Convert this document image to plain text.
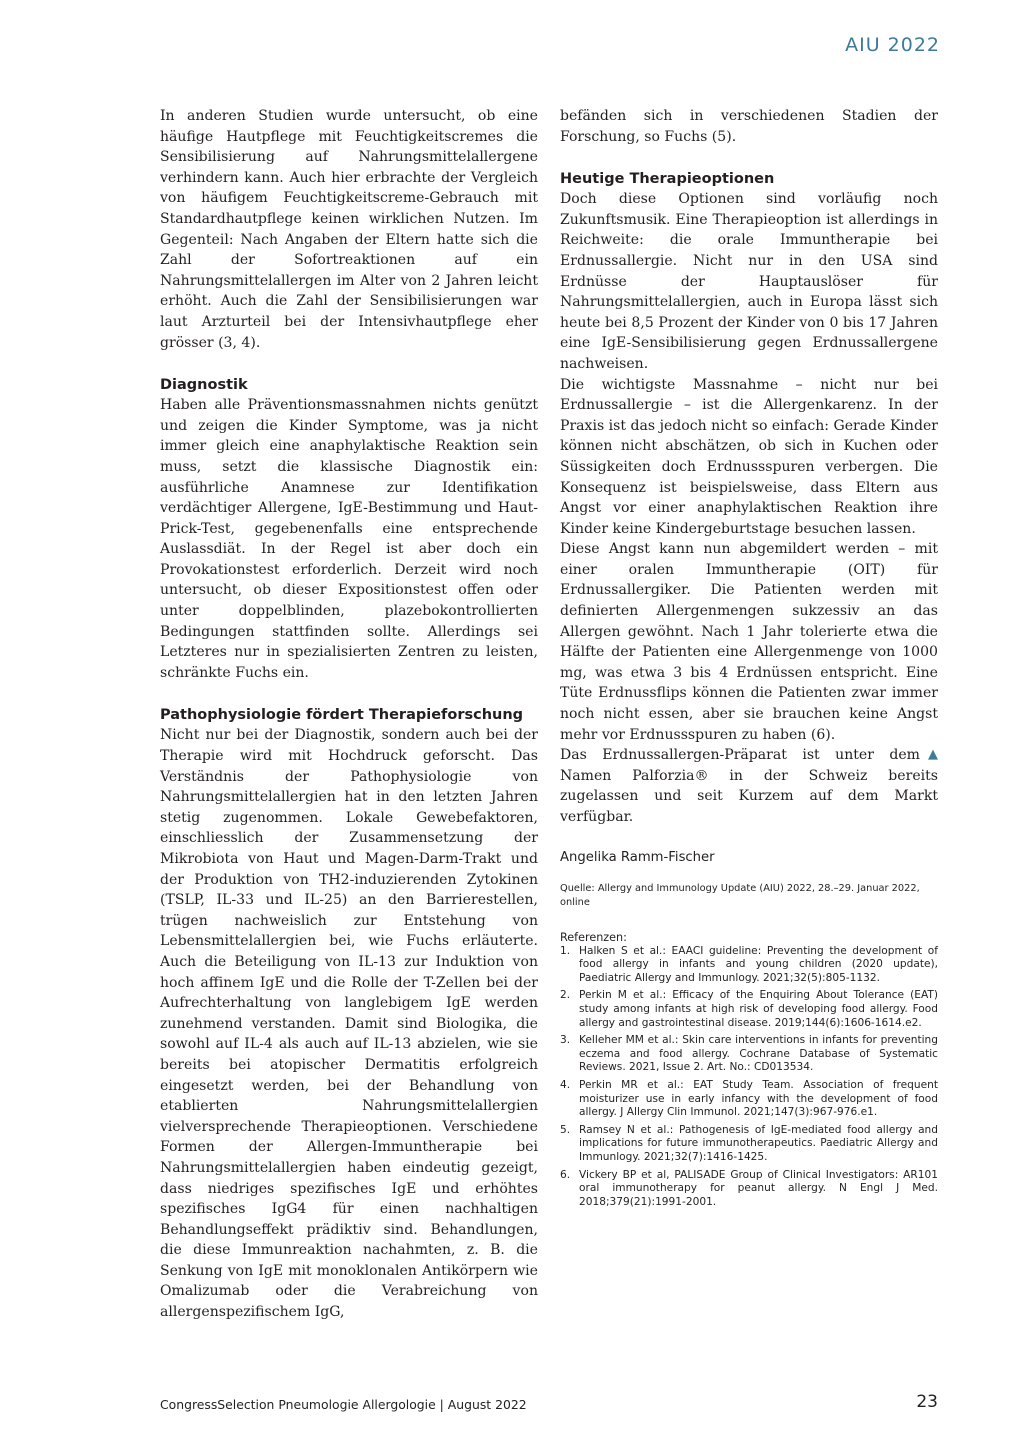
AIU 2022

In anderen Studien wurde untersucht, ob eine häufige Hautpflege mit Feuchtigkeitscremes die Sensibilisierung auf Nahrungsmittelallergene verhindern kann. Auch hier erbrachte der Vergleich von häufigem Feuchtigkeitscreme-Gebrauch mit Standardhautpflege keinen wirklichen Nutzen. Im Gegenteil: Nach Angaben der Eltern hatte sich die Zahl der Sofortreaktionen auf ein Nahrungsmittelallergen im Alter von 2 Jahren leicht erhöht. Auch die Zahl der Sensibilisierungen war laut Arzturteil bei der Intensivhautpflege eher grösser (3, 4).

Diagnostik

Haben alle Präventionsmassnahmen nichts genützt und zeigen die Kinder Symptome, was ja nicht immer gleich eine anaphylaktische Reaktion sein muss, setzt die klassische Diagnostik ein: ausführliche Anamnese zur Identifikation verdächtiger Allergene, IgE-Bestimmung und Haut-Prick-Test, gegebenenfalls eine entsprechende Auslassdiät. In der Regel ist aber doch ein Provokationstest erforderlich. Derzeit wird noch untersucht, ob dieser Expositionstest offen oder unter doppelblinden, plazebokontrollierten Bedingungen stattfinden sollte. Allerdings sei Letzteres nur in spezialisierten Zentren zu leisten, schränkte Fuchs ein.

Pathophysiologie fördert Therapieforschung

Nicht nur bei der Diagnostik, sondern auch bei der Therapie wird mit Hochdruck geforscht. Das Verständnis der Pathophysiologie von Nahrungsmittelallergien hat in den letzten Jahren stetig zugenommen. Lokale Gewebefaktoren, einschliesslich der Zusammensetzung der Mikrobiota von Haut und Magen-Darm-Trakt und der Produktion von TH2-induzierenden Zytokinen (TSLP, IL-33 und IL-25) an den Barrierestellen, trügen nachweislich zur Entstehung von Lebensmittelallergien bei, wie Fuchs erläuterte. Auch die Beteiligung von IL-13 zur Induktion von hoch affinem IgE und die Rolle der T-Zellen bei der Aufrechterhaltung von langlebigem IgE werden zunehmend verstanden. Damit sind Biologika, die sowohl auf IL-4 als auch auf IL-13 abzielen, wie sie bereits bei atopischer Dermatitis erfolgreich eingesetzt werden, bei der Behandlung von etablierten Nahrungsmittelallergien vielversprechende Therapieoptionen. Verschiedene Formen der Allergen-Immuntherapie bei Nahrungsmittelallergien haben eindeutig gezeigt, dass niedriges spezifisches IgE und erhöhtes spezifisches IgG4 für einen nachhaltigen Behandlungseffekt prädiktiv sind. Behandlungen, die diese Immunreaktion nachahmten, z. B. die Senkung von IgE mit monoklonalen Antikörpern wie Omalizumab oder die Verabreichung von allergenspezifischem IgG,

befänden sich in verschiedenen Stadien der Forschung, so Fuchs (5).

Heutige Therapieoptionen

Doch diese Optionen sind vorläufig noch Zukunftsmusik. Eine Therapieoption ist allerdings in Reichweite: die orale Immuntherapie bei Erdnussallergie. Nicht nur in den USA sind Erdnüsse der Hauptauslöser für Nahrungsmittelallergien, auch in Europa lässt sich heute bei 8,5 Prozent der Kinder von 0 bis 17 Jahren eine IgE-Sensibilisierung gegen Erdnussallergene nachweisen.

Die wichtigste Massnahme – nicht nur bei Erdnussallergie – ist die Allergenkarenz. In der Praxis ist das jedoch nicht so einfach: Gerade Kinder können nicht abschätzen, ob sich in Kuchen oder Süssigkeiten doch Erdnussspuren verbergen. Die Konsequenz ist beispielsweise, dass Eltern aus Angst vor einer anaphylaktischen Reaktion ihre Kinder keine Kindergeburtstage besuchen lassen.

Diese Angst kann nun abgemildert werden – mit einer oralen Immuntherapie (OIT) für Erdnussallergiker. Die Patienten werden mit definierten Allergenmengen sukzessiv an das Allergen gewöhnt. Nach 1 Jahr tolerierte etwa die Hälfte der Patienten eine Allergenmenge von 1000 mg, was etwa 3 bis 4 Erdnüssen entspricht. Eine Tüte Erdnussflips können die Patienten zwar immer noch nicht essen, aber sie brauchen keine Angst mehr vor Erdnussspuren zu haben (6).

▲
Das Erdnussallergen-Präparat ist unter dem Namen Palforzia® in der Schweiz bereits zugelassen und seit Kurzem auf dem Markt verfügbar.

Angelika Ramm-Fischer

Quelle: Allergy and Immunology Update (AIU) 2022, 28.–29. Januar 2022, online

Referenzen:

1. Halken S et al.: EAACI guideline: Preventing the development of food allergy in infants and young children (2020 update), Paediatric Allergy and Immunlogy. 2021;32(5):805-1132.
2. Perkin M et al.: Efficacy of the Enquiring About Tolerance (EAT) study among infants at high risk of developing food allergy. Food allergy and gastrointestinal disease. 2019;144(6):1606-1614.e2.
3. Kelleher MM et al.: Skin care interventions in infants for preventing eczema and food allergy. Cochrane Database of Systematic Reviews. 2021, Issue 2. Art. No.: CD013534.
4. Perkin MR et al.: EAT Study Team. Association of frequent moisturizer use in early infancy with the development of food allergy. J Allergy Clin Immunol. 2021;147(3):967-976.e1.
5. Ramsey N et al.: Pathogenesis of IgE-mediated food allergy and implications for future immunotherapeutics. Paediatric Allergy and Immunlogy. 2021;32(7):1416-1425.
6. Vickery BP et al, PALISADE Group of Clinical Investigators: AR101 oral immunotherapy for peanut allergy. N Engl J Med. 2018;379(21):1991-2001.
CongressSelection Pneumologie Allergologie | August 2022	23
